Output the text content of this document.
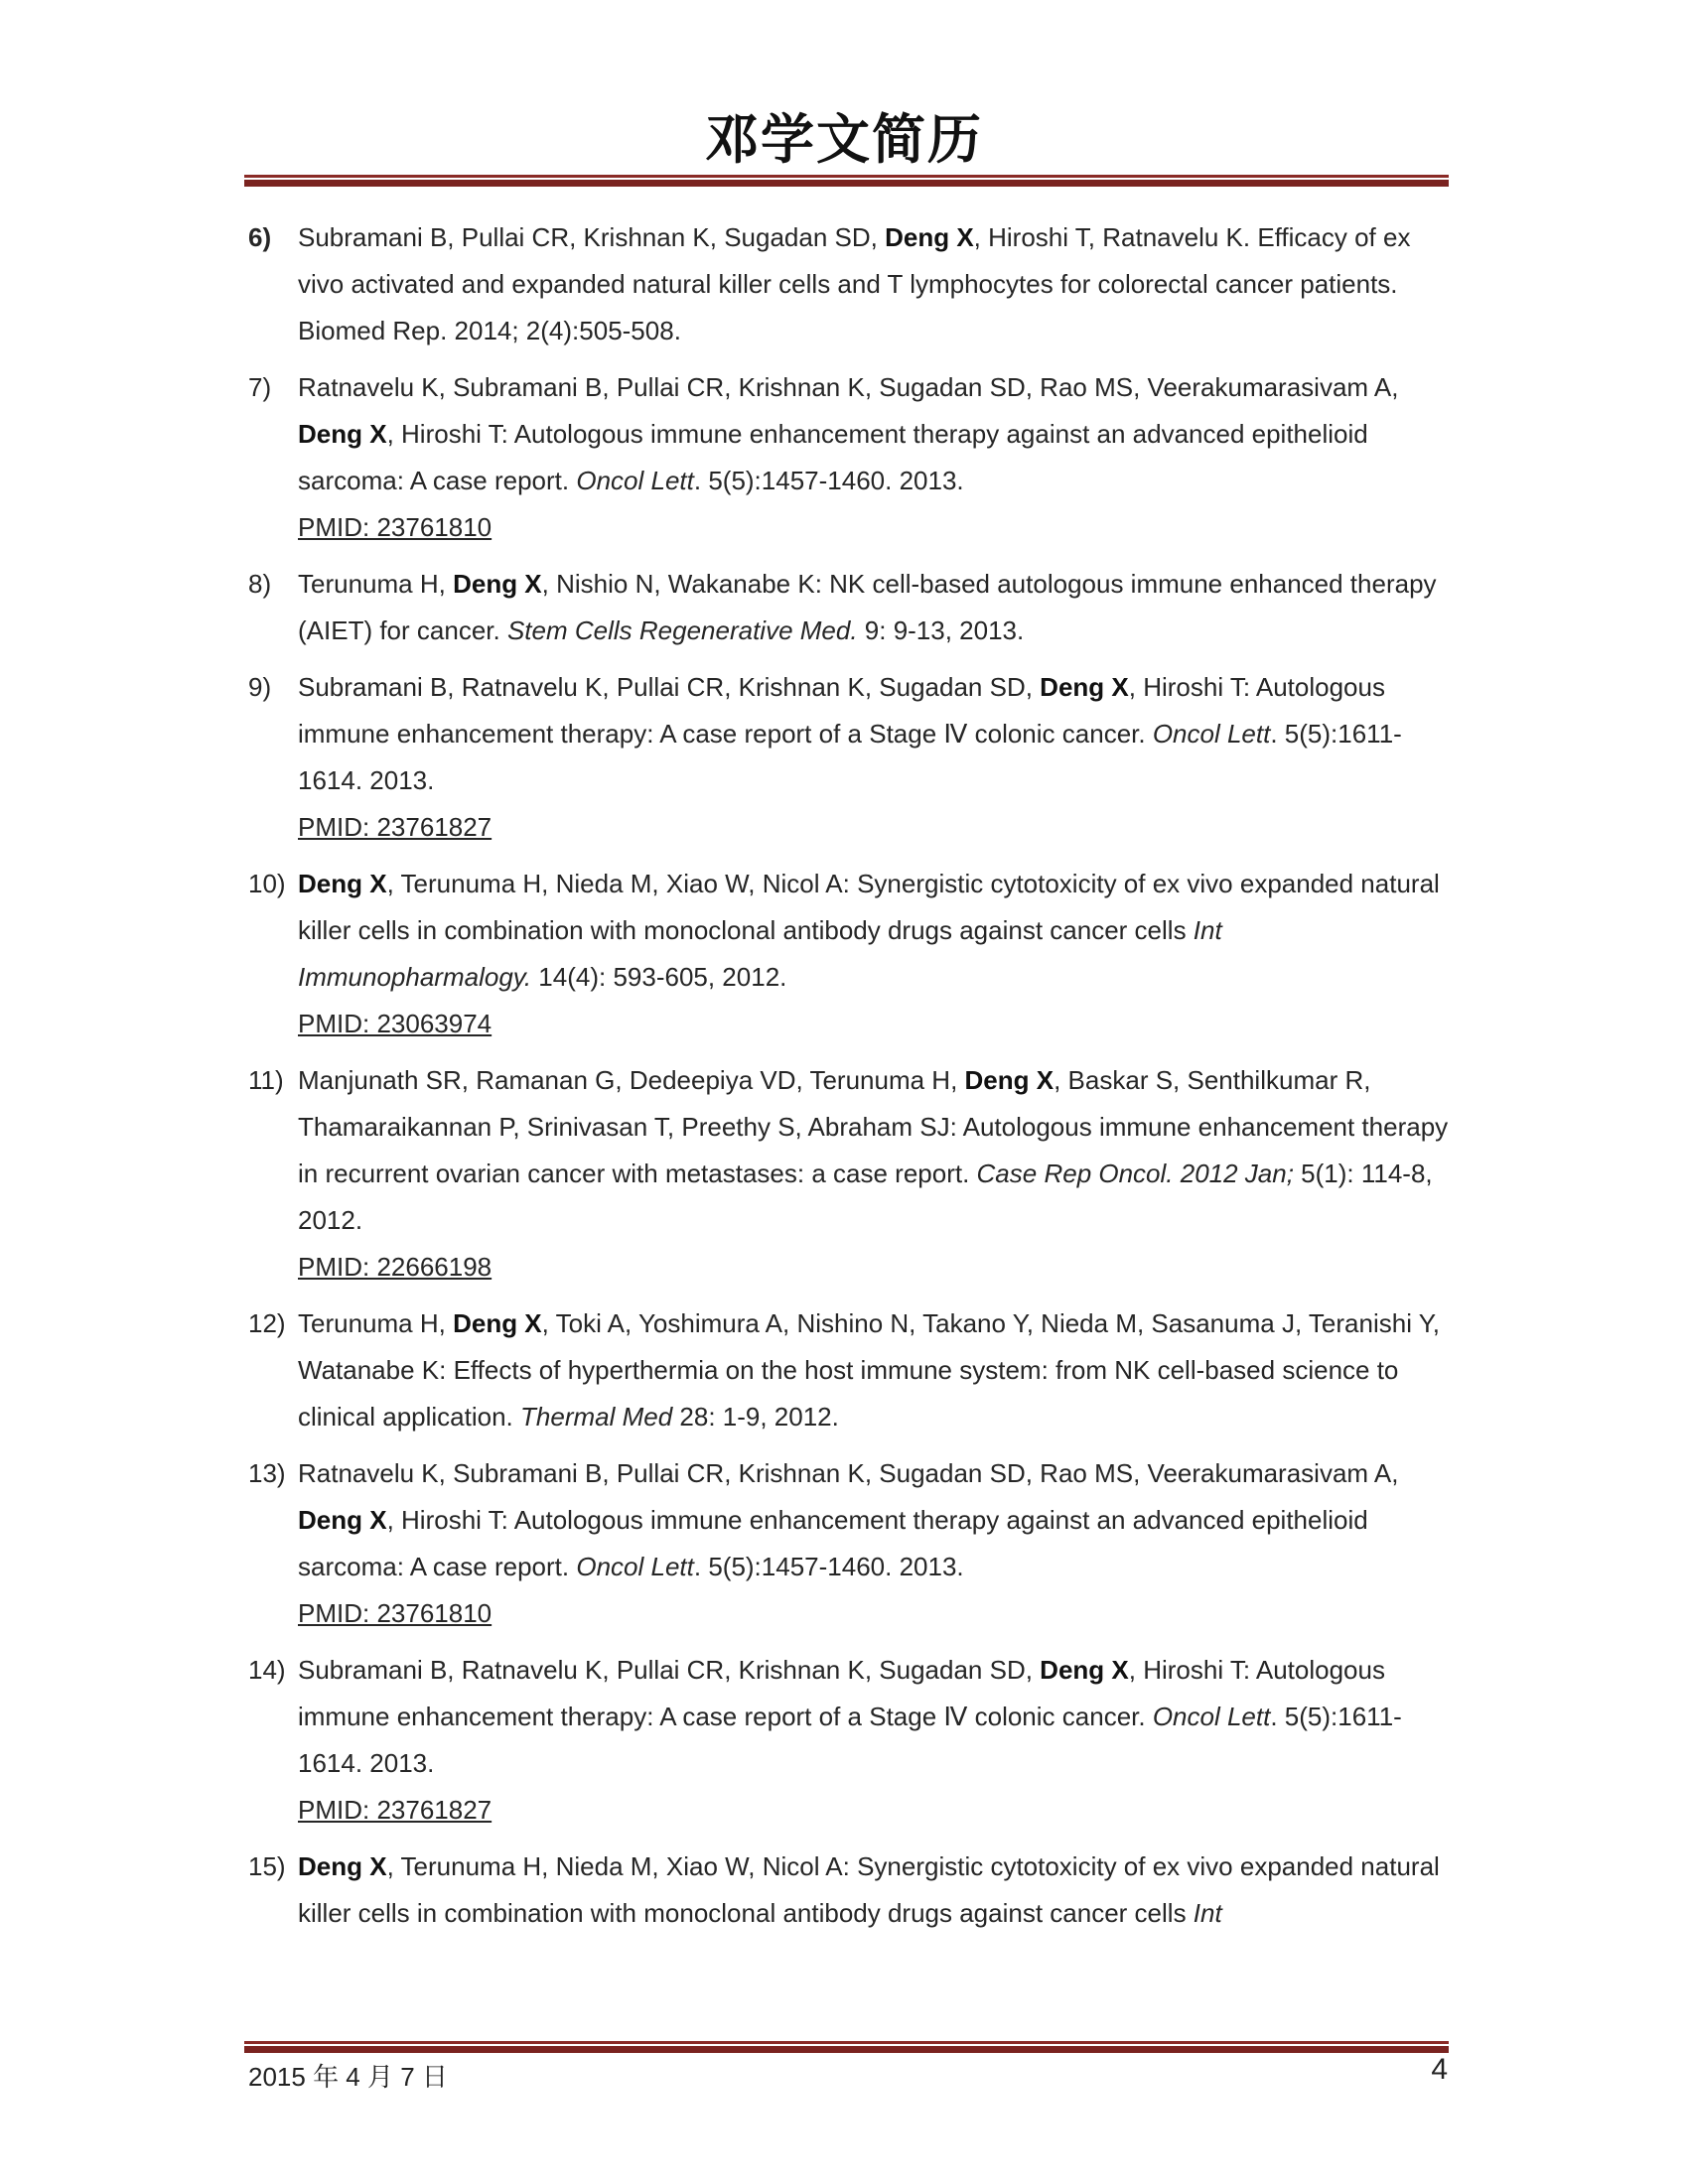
邓学文简历
6) Subramani B, Pullai CR, Krishnan K, Sugadan SD, Deng X, Hiroshi T, Ratnavelu K. Efficacy of ex vivo activated and expanded natural killer cells and T lymphocytes for colorectal cancer patients. Biomed Rep. 2014; 2(4):505-508.
7) Ratnavelu K, Subramani B, Pullai CR, Krishnan K, Sugadan SD, Rao MS, Veerakumarasivam A, Deng X, Hiroshi T: Autologous immune enhancement therapy against an advanced epithelioid sarcoma: A case report. Oncol Lett. 5(5):1457-1460. 2013.
PMID: 23761810
8) Terunuma H, Deng X, Nishio N, Wakanabe K: NK cell-based autologous immune enhanced therapy (AIET) for cancer. Stem Cells Regenerative Med. 9: 9-13, 2013.
9) Subramani B, Ratnavelu K, Pullai CR, Krishnan K, Sugadan SD, Deng X, Hiroshi T: Autologous immune enhancement therapy: A case report of a Stage Ⅳ colonic cancer. Oncol Lett. 5(5):1611-1614. 2013.
PMID: 23761827
10) Deng X, Terunuma H, Nieda M, Xiao W, Nicol A: Synergistic cytotoxicity of ex vivo expanded natural killer cells in combination with monoclonal antibody drugs against cancer cells Int Immunopharmalogy. 14(4): 593-605, 2012.
PMID: 23063974
11) Manjunath SR, Ramanan G, Dedeepiya VD, Terunuma H, Deng X, Baskar S, Senthilkumar R, Thamaraikannan P, Srinivasan T, Preethy S, Abraham SJ: Autologous immune enhancement therapy in recurrent ovarian cancer with metastases: a case report. Case Rep Oncol. 2012 Jan; 5(1): 114-8, 2012.
PMID: 22666198
12) Terunuma H, Deng X, Toki A, Yoshimura A, Nishino N, Takano Y, Nieda M, Sasanuma J, Teranishi Y, Watanabe K: Effects of hyperthermia on the host immune system: from NK cell-based science to clinical application. Thermal Med 28: 1-9, 2012.
13) Ratnavelu K, Subramani B, Pullai CR, Krishnan K, Sugadan SD, Rao MS, Veerakumarasivam A, Deng X, Hiroshi T: Autologous immune enhancement therapy against an advanced epithelioid sarcoma: A case report. Oncol Lett. 5(5):1457-1460. 2013.
PMID: 23761810
14) Subramani B, Ratnavelu K, Pullai CR, Krishnan K, Sugadan SD, Deng X, Hiroshi T: Autologous immune enhancement therapy: A case report of a Stage Ⅳ colonic cancer. Oncol Lett. 5(5):1611-1614. 2013.
PMID: 23761827
15) Deng X, Terunuma H, Nieda M, Xiao W, Nicol A: Synergistic cytotoxicity of ex vivo expanded natural killer cells in combination with monoclonal antibody drugs against cancer cells Int
2015 年 4 月 7 日	4
